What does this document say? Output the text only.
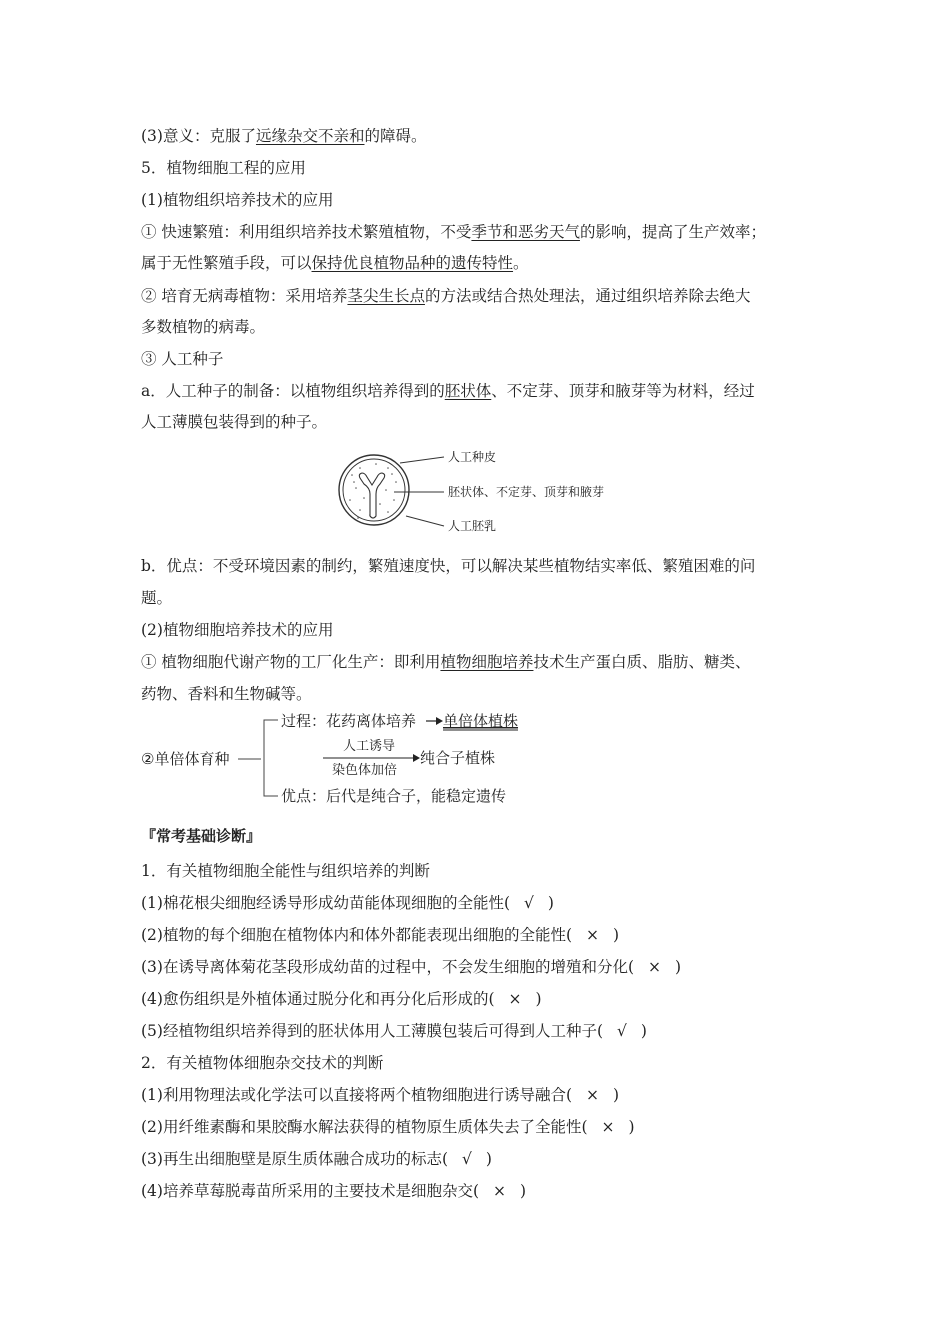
(3)意义：克服了远缘杂交不亲和的障碍。
5．植物细胞工程的应用
(1)植物组织培养技术的应用
① 快速繁殖：利用组织培养技术繁殖植物，不受季节和恶劣天气的影响，提高了生产效率；
属于无性繁殖手段，可以保持优良植物品种的遗传特性。
② 培育无病毒植物：采用培养茎尖生长点的方法或结合热处理法，通过组织培养除去绝大
多数植物的病毒。
③ 人工种子
a．人工种子的制备：以植物组织培养得到的胚状体、不定芽、顶芽和腋芽等为材料，经过
人工薄膜包装得到的种子。
人工种皮
胚状体、不定芽、顶芽和腋芽
人工胚乳
b．优点：不受环境因素的制约，繁殖速度快，可以解决某些植物结实率低、繁殖困难的问
题。
(2)植物细胞培养技术的应用
① 植物细胞代谢产物的工厂化生产：即利用植物细胞培养技术生产蛋白质、脂肪、糖类、
药物、香料和生物碱等。
②单倍体育种
过程：花药离体培养 单倍体植株
人工诱导
染色体加倍
纯合子植株
优点：后代是纯合子，能稳定遗传
『常考基础诊断』
1．有关植物细胞全能性与组织培养的判断
(1)棉花根尖细胞经诱导形成幼苗能体现细胞的全能性( √ )
(2)植物的每个细胞在植物体内和体外都能表现出细胞的全能性( × )
(3)在诱导离体菊花茎段形成幼苗的过程中，不会发生细胞的增殖和分化( × )
(4)愈伤组织是外植体通过脱分化和再分化后形成的( × )
(5)经植物组织培养得到的胚状体用人工薄膜包装后可得到人工种子( √ )
2．有关植物体细胞杂交技术的判断
(1)利用物理法或化学法可以直接将两个植物细胞进行诱导融合( × )
(2)用纤维素酶和果胶酶水解法获得的植物原生质体失去了全能性( × )
(3)再生出细胞壁是原生质体融合成功的标志( √ )
(4)培养草莓脱毒苗所采用的主要技术是细胞杂交( × )
